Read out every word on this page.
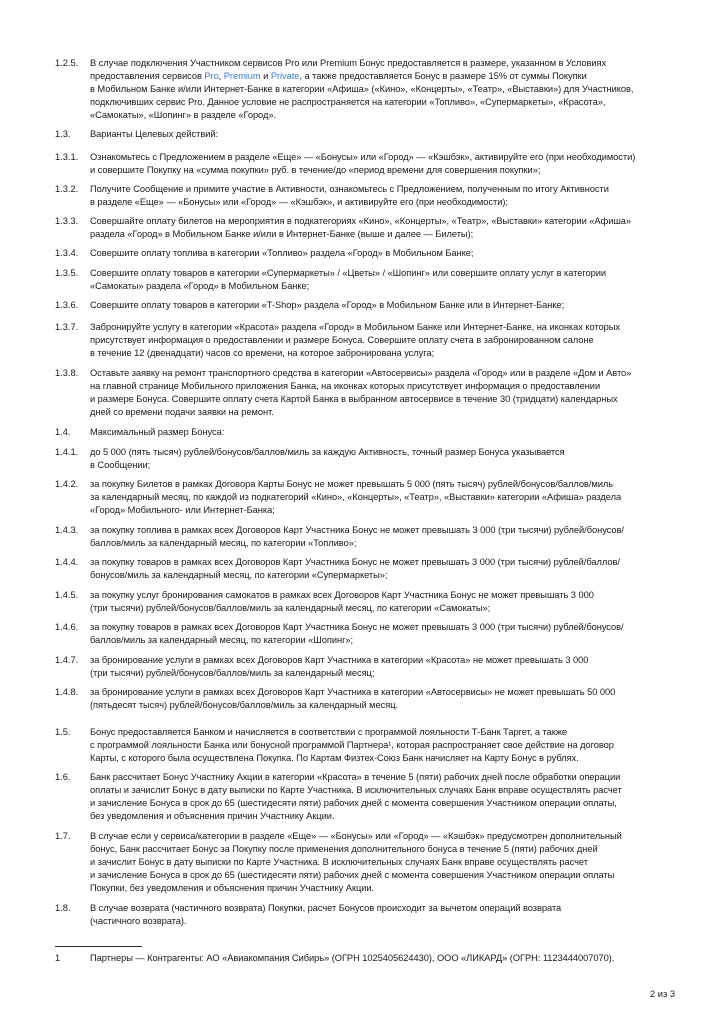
1	Партнеры — Контрагенты: АО «Авиакомпания Сибирь» (ОГРН 1025405624430), ООО «ЛИКАРД» (ОГРН: 1123444007070).
2 из 3
1.2.5.	В случае подключения Участником сервисов Pro или Premium Бонус предоставляется в размере, указанном в Условиях
предоставления сервисов Pro, Premium и Private, а также предоставляется Бонус в размере 15% от суммы Покупки
в Мобильном Банке и/или Интернет-Банке в категории «Афиша» («Кино», «Концерты», «Театр», «Выставки») для Участников,
подключивших сервис Pro. Данное условие не распространяется на категории «Топливо», «Супермаркеты», «Красота»,
«Самокаты», «Шопинг» в разделе «Город».
1.3.	Варианты Целевых действий:
1.3.1.	Ознакомьтесь с Предложением в разделе «Еще» — «Бонусы» или «Город» — «Кэшбэк», активируйте его (при необходимости)
и совершите Покупку на «сумма покупки» руб. в течение/до «период времени для совершения покупки»;
1.3.2.	Получите Сообщение и примите участие в Активности, ознакомьтесь с Предложением, полученным по итогу Активности
в разделе «Еще» — «Бонусы» или «Город» — «Кэшбэк», и активируйте его (при необходимости);
1.3.3.	Совершайте оплату билетов на мероприятия в подкатегориях «Кино», «Концерты», «Театр», «Выставки» категории «Афиша»
раздела «Город» в Мобильном Банке и/или в Интернет-Банке (выше и далее — Билеты);
1.3.4.	Совершите оплату топлива в категории «Топливо» раздела «Город» в Мобильном Банке;
1.3.5.	Совершите оплату товаров в категории «Супермаркеты» / «Цветы» / «Шопинг» или совершите оплату услуг в категории
«Самокаты» раздела «Город» в Мобильном Банке;
1.3.6.	Совершите оплату товаров в категории «T-Shop» раздела «Город» в Мобильном Банке или в Интернет-Банке;
1.3.7.	Забронируйте услугу в категории «Красота» раздела «Город» в Мобильном Банке или Интернет-Банке, на иконках которых
присутствует информация о предоставлении и размере Бонуса. Совершите оплату счета в забронированном салоне
в течение 12 (двенадцати) часов со времени, на которое забронирована услуга;
1.3.8.	Оставьте заявку на ремонт транспортного средства в категории «Автосервисы» раздела «Город» или в разделе «Дом и Авто»
на главной странице Мобильного приложения Банка, на иконках которых присутствует информация о предоставлении
и размере Бонуса. Совершите оплату счета Картой Банка в выбранном автосервисе в течение 30 (тридцати) календарных
дней со времени подачи заявки на ремонт.
1.4.	Максимальный размер Бонуса:
1.4.1.	до 5 000 (пять тысяч) рублей/бонусов/баллов/миль за каждую Активность, точный размер Бонуса указывается
в Сообщении;
1.4.2.	за покупку Билетов в рамках Договора Карты Бонус не может превышать 5 000 (пять тысяч) рублей/бонусов/баллов/миль
за календарный месяц, по каждой из подкатегорий «Кино», «Концерты», «Театр», «Выставки» категории «Афиша» раздела
«Город» Мобильного- или Интернет-Банка;
1.4.3.	за покупку топлива в рамках всех Договоров Карт Участника Бонус не может превышать 3 000 (три тысячи) рублей/бонусов/
баллов/миль за календарный месяц, по категории «Топливо»;
1.4.4.	за покупку товаров в рамках всех Договоров Карт Участника Бонус не может превышать 3 000 (три тысячи) рублей/баллов/
бонусов/миль за календарный месяц, по категории «Супермаркеты»;
1.4.5.	за покупку услуг бронирования самокатов в рамках всех Договоров Карт Участника Бонус не может превышать 3 000
(три тысячи) рублей/бонусов/баллов/миль за календарный месяц, по категории «Самокаты»;
1.4.6.	за покупку товаров в рамках всех Договоров Карт Участника Бонус не может превышать 3 000 (три тысячи) рублей/бонусов/
баллов/миль за календарный месяц, по категории «Шопинг»;
1.4.7.	за бронирование услуги в рамках всех Договоров Карт Участника в категории «Красота» не может превышать 3 000
(три тысячи) рублей/бонусов/баллов/миль за календарный месяц;
1.4.8.	за бронирование услуги в рамках всех Договоров Карт Участника в категории «Автосервисы» не может превышать 50 000
(пятьдесят тысяч) рублей/бонусов/баллов/миль за календарный месяц.
1.5.	Бонус предоставляется Банком и начисляется в соответствии с программой лояльности Т-Банк Таргет, а также
с программой лояльности Банка или бонусной программой Партнера¹, которая распространяет свое действие на договор
Карты, с которого была осуществлена Покупка. По Картам Физтех-Союз Банк начисляет на Карту Бонус в рублях.
1.6.	Банк рассчитает Бонус Участнику Акции в категории «Красота» в течение 5 (пяти) рабочих дней после обработки операции
оплаты и зачислит Бонус в дату выписки по Карте Участника. В исключительных случаях Банк вправе осуществлять расчет
и зачисление Бонуса в срок до 65 (шестидесяти пяти) рабочих дней с момента совершения Участником операции оплаты,
без уведомления и объяснения причин Участнику Акции.
1.7.	В случае если у сервиса/категории в разделе «Еще» — «Бонусы» или «Город» — «Кэшбэк» предусмотрен дополнительный
бонус, Банк рассчитает Бонус за Покупку после применения дополнительного бонуса в течение 5 (пяти) рабочих дней
и зачислит Бонус в дату выписки по Карте Участника. В исключительных случаях Банк вправе осуществлять расчет
и зачисление Бонуса в срок до 65 (шестидесяти пяти) рабочих дней с момента совершения Участником операции оплаты
Покупки, без уведомления и объяснения причин Участнику Акции.
1.8.	В случае возврата (частичного возврата) Покупки, расчет Бонусов происходит за вычетом операций возврата
(частичного возврата).
